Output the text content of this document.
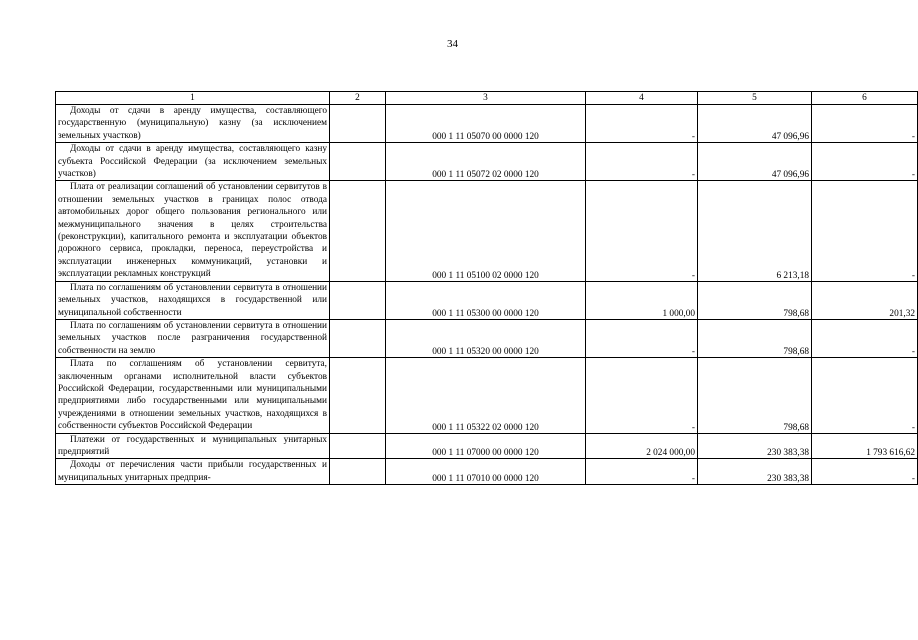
34
1	2	3	4	5	6
Доходы от сдачи в аренду имущества, составляющего государственную (муниципальную) казну (за исключением земельных участков)		000 1 11 05070 00 0000 120	-	47 096,96	-
Доходы от сдачи в аренду имущества, составляющего казну субъекта Российской Федерации (за исключением земельных участков)		000 1 11 05072 02 0000 120	-	47 096,96	-
Плата от реализации соглашений об установлении сервитутов в отношении земельных участков в границах полос отвода автомобильных дорог общего пользования регионального или межмуниципального значения в целях строительства (реконструкции), капитального ремонта и эксплуатации объектов дорожного сервиса, прокладки, переноса, переустройства и эксплуатации инженерных коммуникаций, установки и эксплуатации рекламных конструкций		000 1 11 05100 02 0000 120	-	6 213,18	-
Плата по соглашениям об установлении сервитута в отношении земельных участков, находящихся в государственной или муниципальной собственности		000 1 11 05300 00 0000 120	1 000,00	798,68	201,32
Плата по соглашениям об установлении сервитута в отношении земельных участков после разграничения государственной собственности на землю		000 1 11 05320 00 0000 120	-	798,68	-
Плата по соглашениям об установлении сервитута, заключенным органами исполнительной власти субъектов Российской Федерации, государственными или муниципальными предприятиями либо государственными или муниципальными учреждениями в отношении земельных участков, находящихся в собственности субъектов Российской Федерации		000 1 11 05322 02 0000 120	-	798,68	-
Платежи от государственных и муниципальных унитарных предприятий		000 1 11 07000 00 0000 120	2 024 000,00	230 383,38	1 793 616,62
Доходы от перечисления части прибыли государственных и муниципальных унитарных предприя-		000 1 11 07010 00 0000 120	-	230 383,38	-
